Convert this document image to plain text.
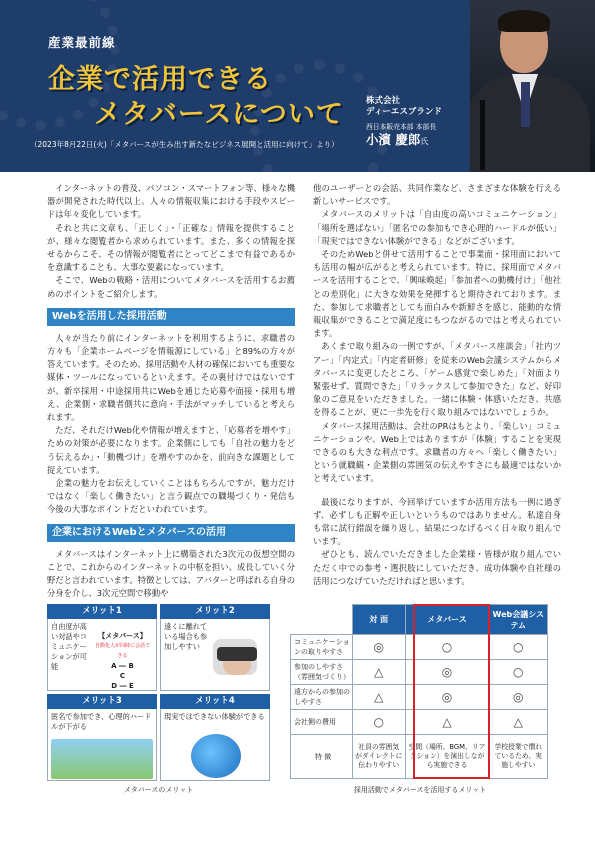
産業最前線
企業で活用できる
メタバースについて
（2023年8月22日(火)「メタバースが生み出す新たなビジネス展開と活用に向けて」より）
株式会社
ディーエスブランド
西日本販売本部 本部長
小濱 慶郎氏

インターネットの普及、パソコン・スマートフォン等、様々な機器が開発された時代以上、人々の情報収集における手段やスピードは年々変化しています。

それと共に文章も、「正しく」・「正確な」情報を提供することが、様々な閲覧者から求められています。また、多くの情報を探せるからこそ、その情報が閲覧者にとってどこまで有益であるかを意識することも、大事な要素になっています。

そこで、Webの戦略・活用についてメタバースを活用するお薦めのポイントをご紹介します。

Webを活用した採用活動

人々が当たり前にインターネットを利用するように、求職者の方々も「企業ホームページを情報源にしている」と89%の方々が答えています。そのため、採用活動や人材の確保においても重要な媒体・ツールになっているといえます。その裏付けではないですが、新卒採用・中途採用共にWebを通じた応募や面接・採用も増え、企業側・求職者側共に意向・手法がマッチしていると考えられます。

ただ、それだけWeb化や情報が増えますと、「応募者を増やす」ための対策が必要になります。企業側にしても「自社の魅力をどう伝えるか」・「動機づけ」を増やすのかを、前向きな課題として捉えています。

企業の魅力をお伝えしていくことはもちろんですが、魅力だけではなく「楽しく働きたい」と言う観点での職場づくり・発信も今後の大事なポイントだといわれています。

企業におけるWebとメタバースの活用

メタバースはインターネット上に構築された3次元の仮想空間のことで、これからのインターネットの中枢を担い、成長していく分野だと言われています。特徴としては、アバターと呼ばれる自身の分身を介し、3次元空間で移動や

他のユーザーとの会話、共同作業など、さまざまな体験を行える新しいサービスです。

メタバースのメリットは「自由度の高いコミュニケーション」「場所を選ばない」「匿名での参加もでき心理的ハードルが低い」「現実ではできない体験ができる」などがございます。

そのためWebと併せて活用することで事業面・採用面においても活用の幅が広がると考えられています。特に、採用面でメタバースを活用することで、「興味喚起」「参加者への動機付け」「他社との差別化」に大きな効果を発揮すると期待されております。また、参加して求職者としても面白みや新鮮さを感じ、能動的な情報収集ができることで満足度にもつながるのではと考えられています。

あくまで取り組みの一例ですが、「メタバース座談会」「社内ツアー」「内定式」「内定者研修」を従来のWeb会議システムからメタバースに変更したところ、「ゲーム感覚で楽しめた」「対面より緊張せず、質問できた」「リラックスして参加できた」など、好印象のご意見をいただきました。一緒に体験・体感いただき、共感を得ることが、更に一歩先を行く取り組みではないでしょうか。

メタバース採用活動は、会社のPRはもとより、「楽しい」コミュニケーションや、Web上ではありますが「体験」することを実現できるのも大きな利点です。求職者の方々へ「楽しく働きたい」という就職観・企業側の雰囲気の伝えやすさにも最適ではないかと考えています。

最後になりますが、今回挙げていますか活用方法も一例に過ぎず、必ずしも正解や正しいというものではありません。私達自身も常に試行錯誤を繰り返し、結果につなげるべく日々取り組んでいます。

ぜひとも、読んでいただきました企業様・皆様が取り組んでいただく中での参考・選択肢にしていただき、成功体験や自社様の活用につなげていただければと思います。

メリット1
自由度が高い対話やコミュニケーションが可能
【メタバース】
自動化人が同時に会話できる
A ― B
C
D ― E
メリット2
遠くに離れている場合も参加しやすい
メリット3
匿名で参加でき、心理的ハードルが下がる
メリット4
現実ではできない体験ができる
メタバースのメリット
	対 面	メタバース	Web会議システム
コミュニケーションの取りやすさ	◎	○	○
参加のしやすさ（雰囲気づくり）	△	◎	○
遠方からの参加のしやすさ	△	◎	◎
会社側の費用	○	△	△
特 徴	社員の雰囲気がダイレクトに伝わりやすい	空間（場所、BGM、リアクション）を演出しながら実施できる	学校授業で慣れているため、実施しやすい
採用活動でメタバースを活用するメリット
